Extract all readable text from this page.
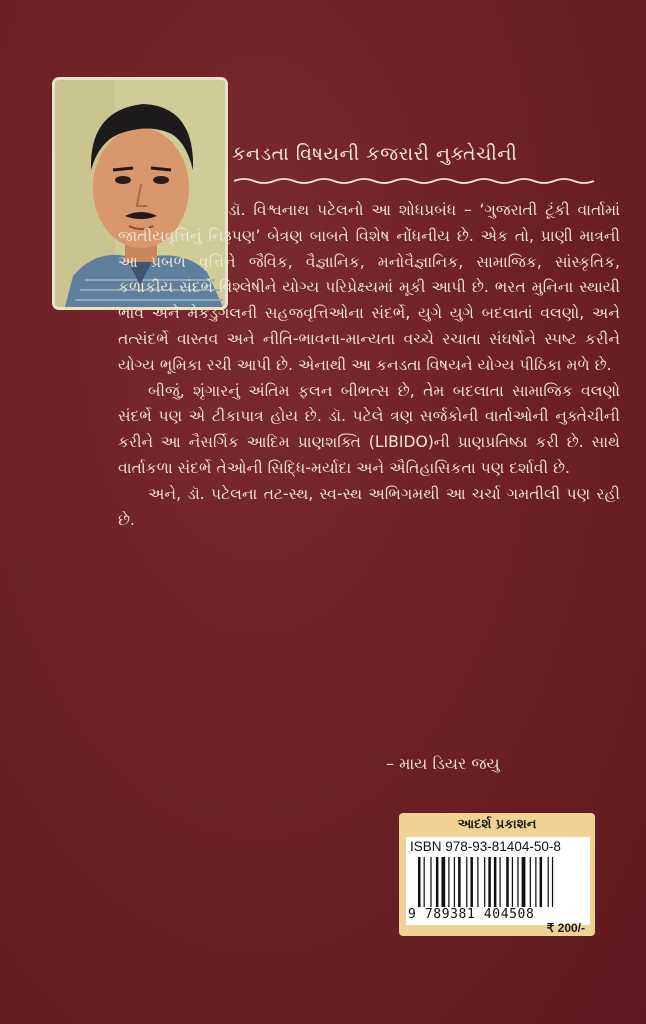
કનડતા વિષયની કજરારી નુક્તેચીની

ડૉ. વિશ્વનાથ પટેલનો આ શોધપ્રબંધ – ‘ગુજરાતી ટૂંકી વાર્તામાં જાતીયવૃત્તિનું નિરૂપણ’ બેત્રણ બાબતે વિશેષ નોંધનીય છે. એક તો, પ્રાણી માત્રની આ પ્રબળ વૃત્તિને જૈવિક, વૈજ્ઞાનિક, મનોવૈજ્ઞાનિક, સામાજિક, સાંસ્કૃતિક, કળાકીય સંદર્ભે વિશ્લેષીને યોગ્ય પરિપ્રેક્ષ્યમાં મૂકી આપી છે. ભરત મુનિના સ્થાયી ભાવ અને મેકડુગલની સહજવૃત્તિઓના સંદર્ભે, યુગે યુગે બદલાતાં વલણો, અને તત્સંદર્ભે વાસ્તવ અને નીતિ-ભાવના-માન્યતા વચ્ચે રચાતા સંઘર્ષોને સ્પષ્ટ કરીને યોગ્ય ભૂમિકા રચી આપી છે. એનાથી આ કનડતા વિષયને યોગ્ય પીઠિકા મળે છે.

બીજું, શૃંગારનું અંતિમ ફલન બીભત્સ છે, તેમ બદલાતા સામાજિક વલણો સંદર્ભે પણ એ ટીકાપાત્ર હોય છે. ડૉ. પટેલે ત્રણ સર્જકોની વાર્તાઓની નુક્તેચીની કરીને આ નૈસર્ગિક આદિમ પ્રાણશક્તિ (LIBIDO)ની પ્રાણપ્રતિષ્ઠા કરી છે. સાથે વાર્તાકળા સંદર્ભે તેઓની સિદ્ધિ-મર્યાદા અને ઐતિહાસિકતા પણ દર્શાવી છે.

અને, ડૉ. પટેલના તટ-સ્થ, સ્વ-સ્થ અભિગમથી આ ચર્ચા ગમતીલી પણ રહી છે.

– માય ડિયર જયુ
આદર્શ પ્રકાશન
ISBN 978-93-81404-50-8
9 789381 404508
₹ 200/-
